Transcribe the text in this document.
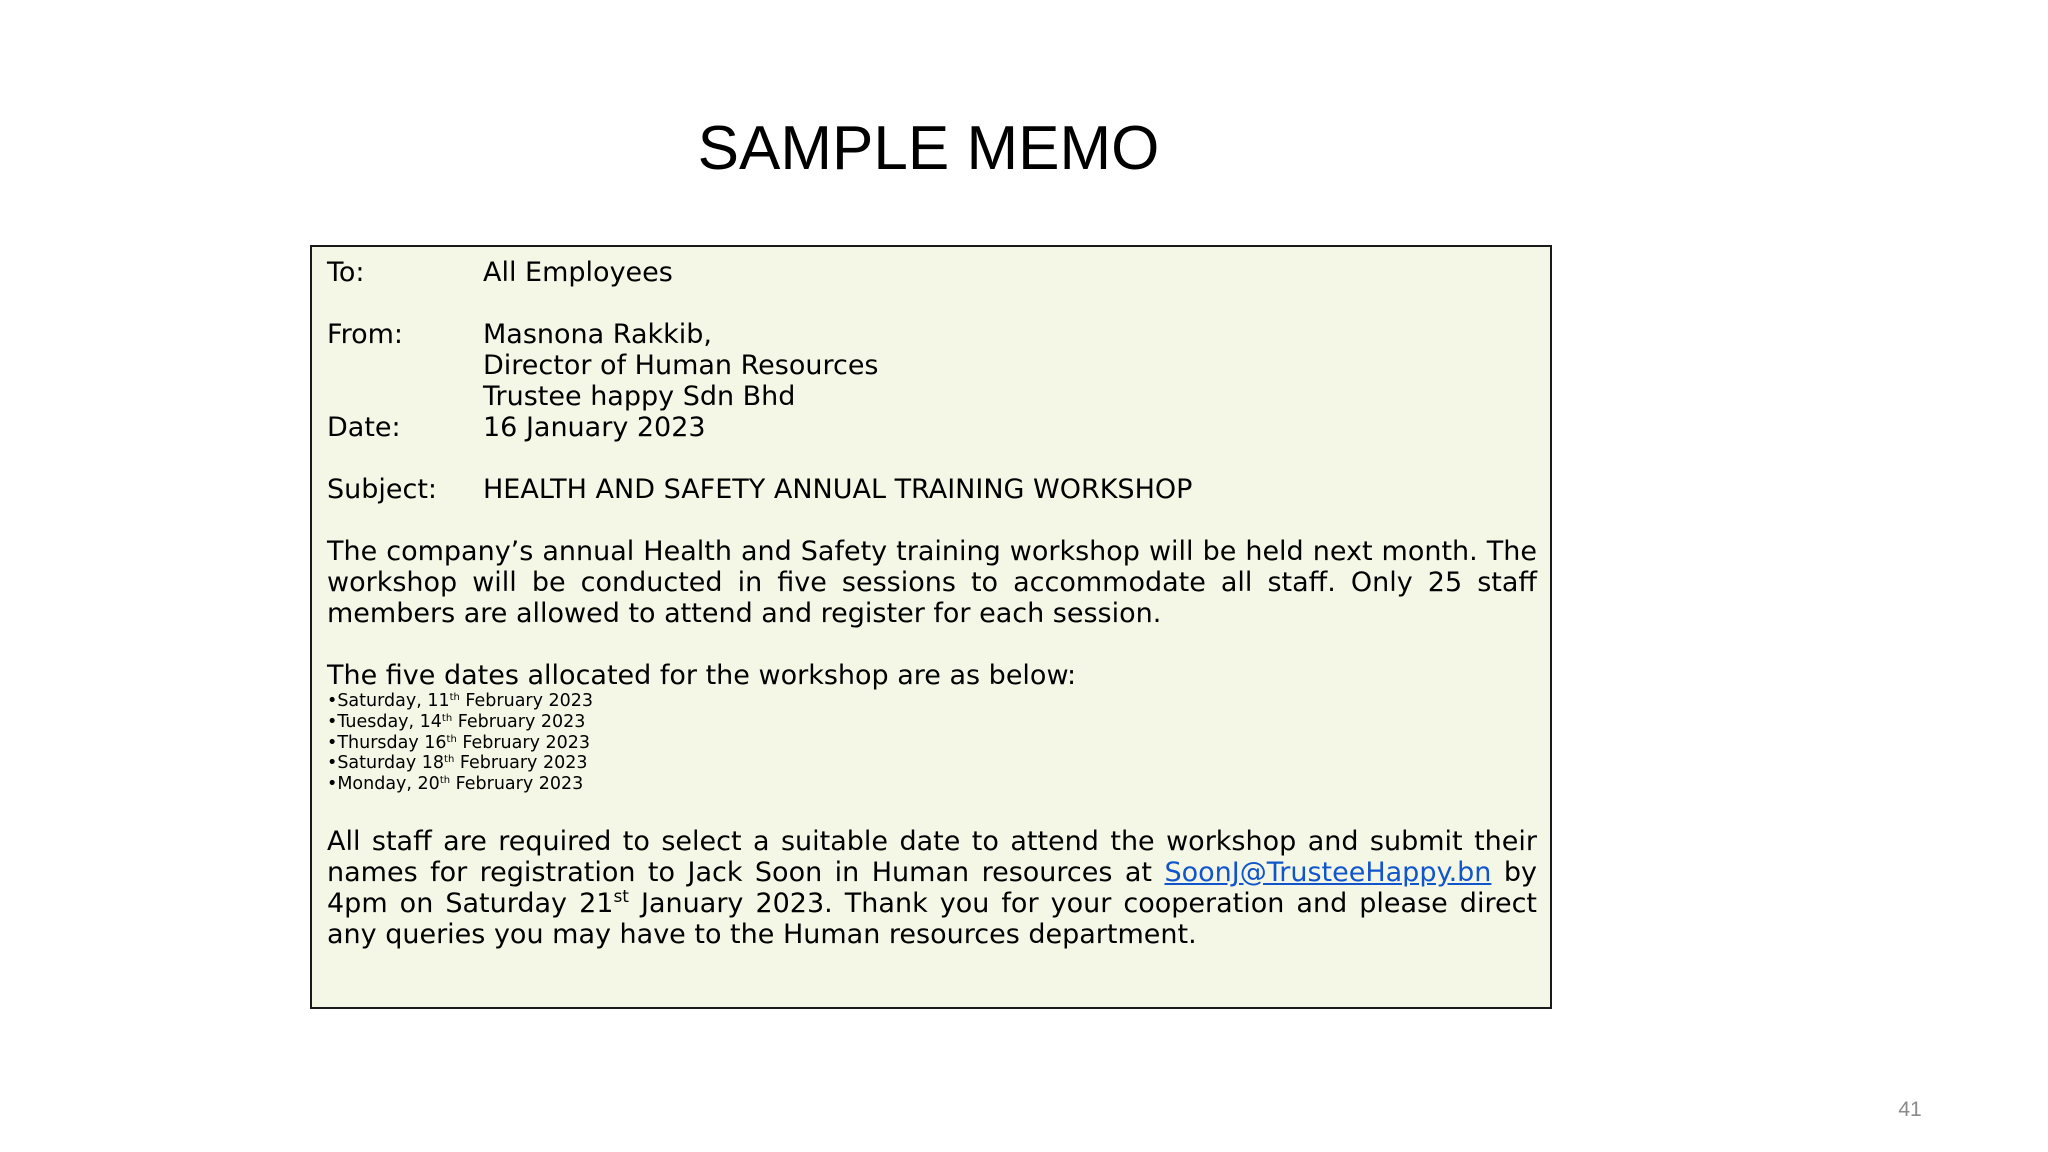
SAMPLE MEMO
To:	All Employees
From:	Masnona Rakkib,
Director of Human Resources
Trustee happy Sdn Bhd
Date:	16 January 2023
Subject:	HEALTH AND SAFETY ANNUAL TRAINING WORKSHOP
The company’s annual Health and Safety training workshop will be held next month. The workshop will be conducted in five sessions to accommodate all staff. Only 25 staff members are allowed to attend and register for each session.
The five dates allocated for the workshop are as below:
•Saturday, 11th February 2023
•Tuesday, 14th February 2023
•Thursday 16th February 2023
•Saturday 18th February 2023
•Monday, 20th February 2023
All staff are required to select a suitable date to attend the workshop and submit their names for registration to Jack Soon in Human resources at SoonJ@TrusteeHappy.bn by 4pm on Saturday 21st January 2023. Thank you for your cooperation and please direct any queries you may have to the Human resources department.
41
